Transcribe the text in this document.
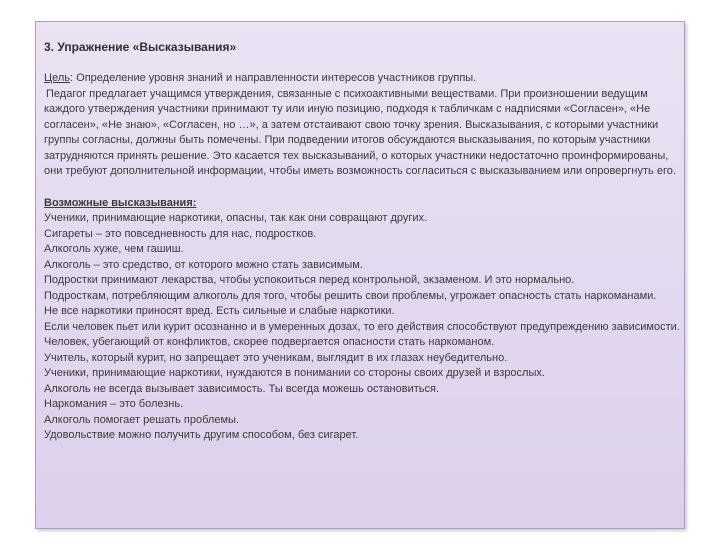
3. Упражнение «Высказывания»

Цель: Определение уровня знаний и направленности интересов участников группы.

Педагог предлагает учащимся утверждения, связанные с психоактивными веществами. При произношении ведущим каждого утверждения участники принимают ту или иную позицию, подходя к табличкам с надписями «Согласен», «Не согласен», «Не знаю», «Согласен, но …», а затем отстаивают свою точку зрения. Высказывания, с которыми участники группы согласны, должны быть помечены. При подведении итогов обсуждаются высказывания, по которым участники затрудняются принять решение. Это касается тех высказываний, о которых участники недостаточно проинформированы, они требуют дополнительной информации, чтобы иметь возможность согласиться с высказыванием или опровергнуть его.

Возможные высказывания:

Ученики, принимающие наркотики, опасны, так как они совращают других.
Сигареты – это повседневность для нас, подростков.
Алкоголь хуже, чем гашиш.
Алкоголь – это средство, от которого можно стать зависимым.
Подростки принимают лекарства, чтобы успокоиться перед контрольной, экзаменом. И это нормально.
Подросткам, потребляющим алкоголь для того, чтобы решить свои проблемы, угрожает опасность стать наркоманами.
Не все наркотики приносят вред. Есть сильные и слабые наркотики.
Если человек пьет или курит осознанно и в умеренных дозах, то его действия способствуют предупреждению зависимости.
Человек, убегающий от конфликтов, скорее подвергается опасности стать наркоманом.
Учитель, который курит, но запрещает это ученикам, выглядит в их глазах неубедительно.
Ученики, принимающие наркотики, нуждаются в понимании со стороны своих друзей и взрослых.
Алкоголь не всегда вызывает зависимость. Ты всегда можешь остановиться.
Наркомания – это болезнь.
Алкоголь помогает решать проблемы.
Удовольствие можно получить другим способом, без сигарет.
